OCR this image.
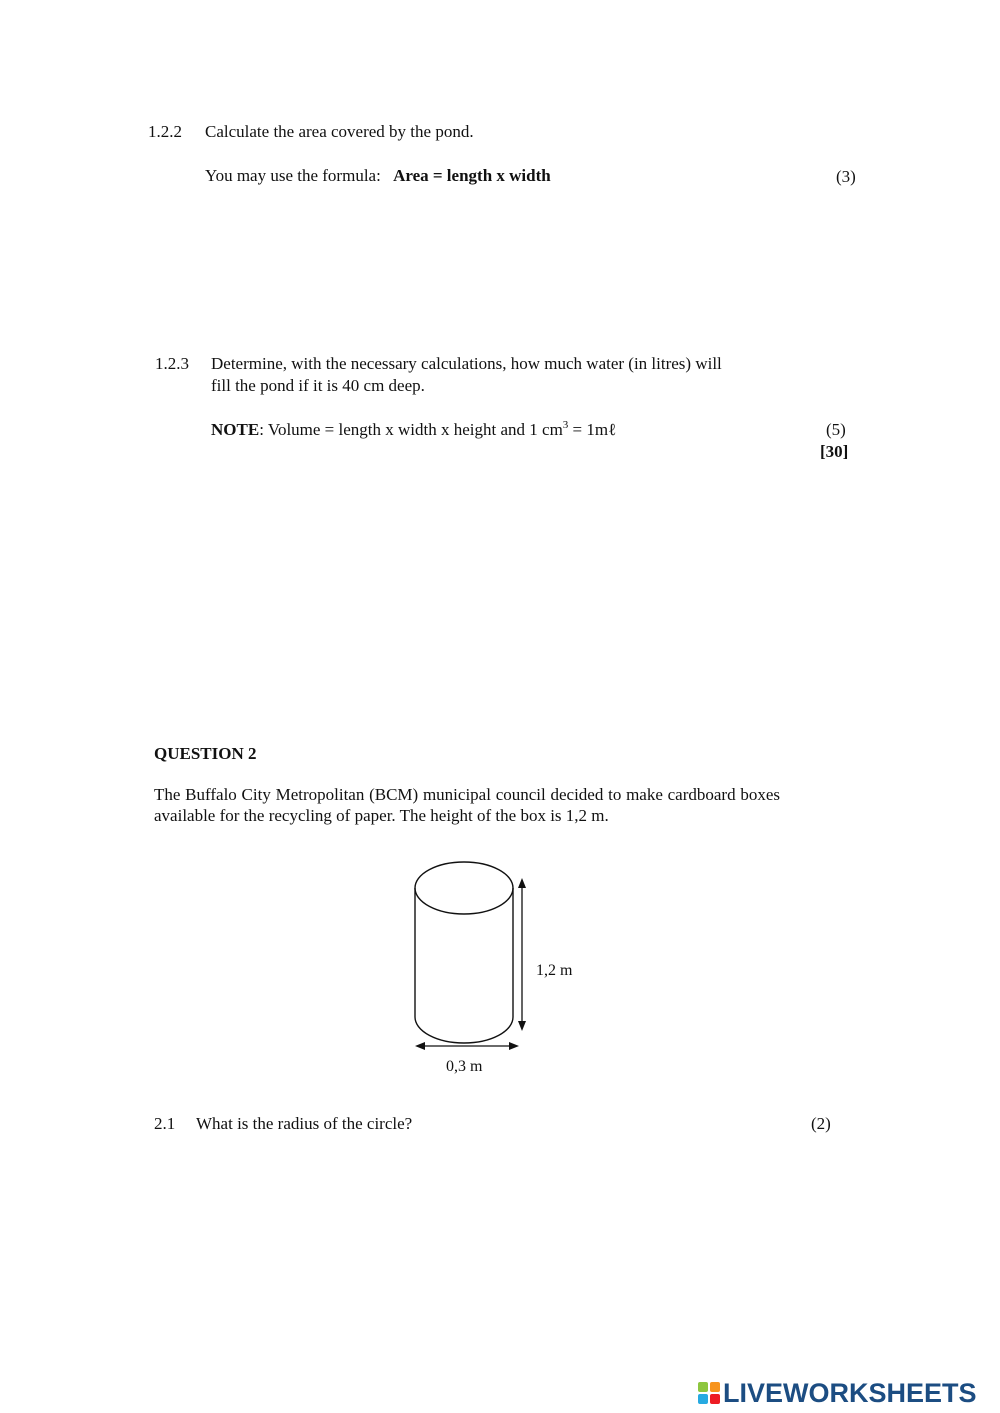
1.2.2 Calculate the area covered by the pond.
You may use the formula: Area = length x width	(3)
1.2.3 Determine, with the necessary calculations, how much water (in litres) will
fill the pond if it is 40 cm deep.
NOTE: Volume = length x width x height and 1 $cm^3$ = 1mℓ	(5)
[30]
QUESTION 2
The Buffalo City Metropolitan (BCM) municipal council decided to make cardboard boxes available for the recycling of paper. The height of the box is 1,2 m.
1,2 m
0,3 m
2.1 What is the radius of the circle?	(2)
LIVEWORKSHEETS
